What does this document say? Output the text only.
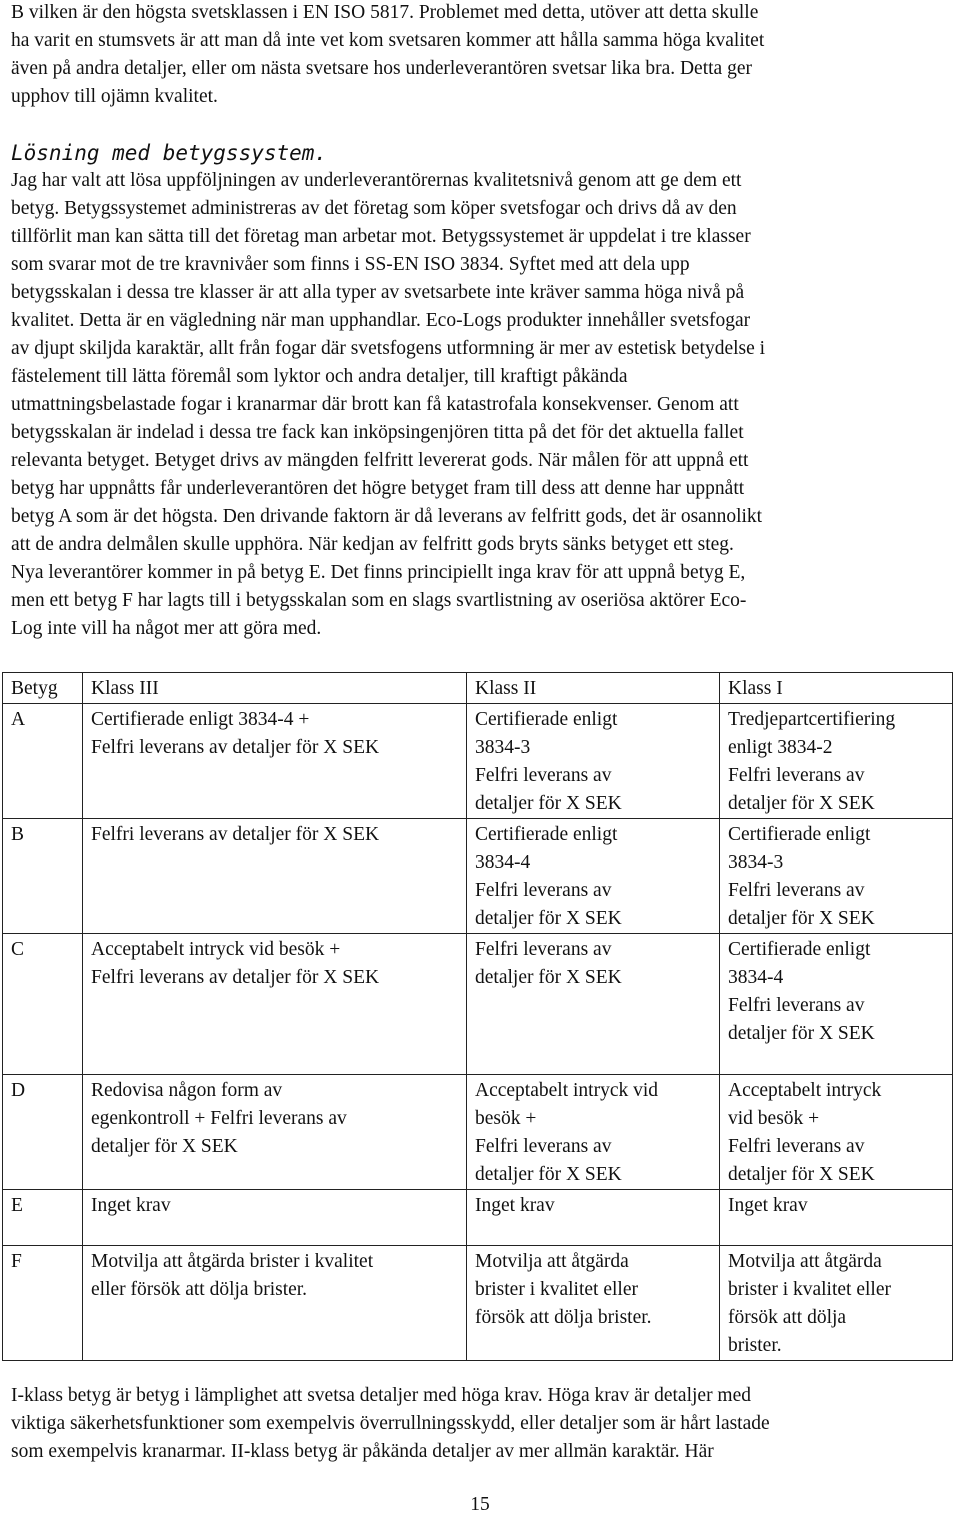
B vilken är den högsta svetsklassen i EN ISO 5817. Problemet med detta, utöver att detta skulle
ha varit en stumsvets är att man då inte vet kom svetsaren kommer att hålla samma höga kvalitet
även på andra detaljer, eller om nästa svetsare hos underleverantören svetsar lika bra. Detta ger
upphov till ojämn kvalitet.
Lösning med betygssystem.
Jag har valt att lösa uppföljningen av underleverantörernas kvalitetsnivå genom att ge dem ett
betyg. Betygssystemet administreras av det företag som köper svetsfogar och drivs då av den
tillförlit man kan sätta till det företag man arbetar mot. Betygssystemet är uppdelat i tre klasser
som svarar mot de tre kravnivåer som finns i SS-EN ISO 3834. Syftet med att dela upp
betygsskalan i dessa tre klasser är att alla typer av svetsarbete inte kräver samma höga nivå på
kvalitet. Detta är en vägledning när man upphandlar. Eco-Logs produkter innehåller svetsfogar
av djupt skiljda karaktär, allt från fogar där svetsfogens utformning är mer av estetisk betydelse i
fästelement till lätta föremål som lyktor och andra detaljer, till kraftigt påkända
utmattningsbelastade fogar i kranarmar där brott kan få katastrofala konsekvenser. Genom att
betygsskalan är indelad i dessa tre fack kan inköpsingenjören titta på det för det aktuella fallet
relevanta betyget. Betyget drivs av mängden felfritt levererat gods. När målen för att uppnå ett
betyg har uppnåtts får underleverantören det högre betyget fram till dess att denne har uppnått
betyg A som är det högsta. Den drivande faktorn är då leverans av felfritt gods, det är osannolikt
att de andra delmålen skulle upphöra. När kedjan av felfritt gods bryts sänks betyget ett steg.
Nya leverantörer kommer in på betyg E. Det finns principiellt inga krav för att uppnå betyg E,
men ett betyg F har lagts till i betygsskalan som en slags svartlistning av oseriösa aktörer Eco-
Log inte vill ha något mer att göra med.
Betyg	Klass III	Klass II	Klass I
A	Certifierade enligt 3834-4 +
Felfri leverans av detaljer för X SEK	Certifierade enligt
3834-3
Felfri leverans av
detaljer för X SEK	Tredjepartcertifiering
enligt 3834-2
Felfri leverans av
detaljer för X SEK

B	Felfri leverans av detaljer för X SEK	Certifierade enligt
3834-4
Felfri leverans av
detaljer för X SEK	Certifierade enligt
3834-3
Felfri leverans av
detaljer för X SEK

C	Acceptabelt intryck vid besök +
Felfri leverans av detaljer för X SEK	Felfri leverans av
detaljer för X SEK	Certifierade enligt
3834-4
Felfri leverans av
detaljer för X SEK

D	Redovisa någon form av
egenkontroll + Felfri leverans av
detaljer för X SEK	Acceptabelt intryck vid
besök +
Felfri leverans av
detaljer för X SEK	Acceptabelt intryck
vid besök +
Felfri leverans av
detaljer för X SEK

E	Inget krav	Inget krav	Inget krav

F	Motvilja att åtgärda brister i kvalitet
eller försök att dölja brister.	Motvilja att åtgärda
brister i kvalitet eller
försök att dölja brister.	Motvilja att åtgärda
brister i kvalitet eller
försök att dölja
brister.
I-klass betyg är betyg i lämplighet att svetsa detaljer med höga krav. Höga krav är detaljer med
viktiga säkerhetsfunktioner som exempelvis överrullningsskydd, eller detaljer som är hårt lastade
som exempelvis kranarmar. II-klass betyg är påkända detaljer av mer allmän karaktär. Här
15
